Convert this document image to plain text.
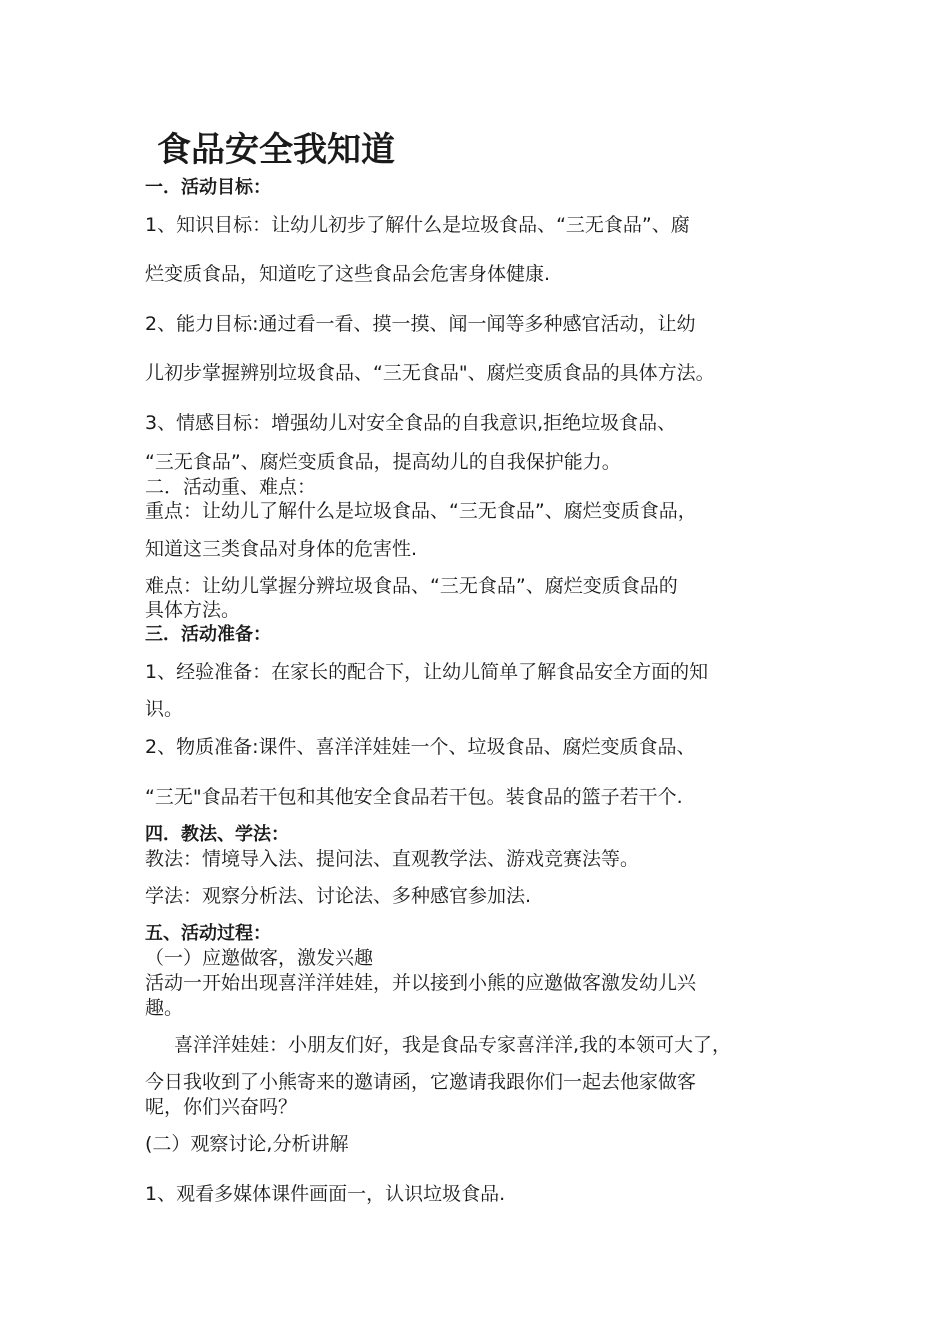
食品安全我知道
一．活动目标：
1、知识目标：让幼儿初步了解什么是垃圾食品、“三无食品”、腐
烂变质食品，知道吃了这些食品会危害身体健康.
2、能力目标:通过看一看、摸一摸、闻一闻等多种感官活动，让幼
儿初步掌握辨别垃圾食品、“三无食品"、腐烂变质食品的具体方法。
3、情感目标：增强幼儿对安全食品的自我意识,拒绝垃圾食品、
“三无食品”、腐烂变质食品，提高幼儿的自我保护能力。
二．活动重、难点：
重点：让幼儿了解什么是垃圾食品、“三无食品”、腐烂变质食品，
知道这三类食品对身体的危害性.
难点：让幼儿掌握分辨垃圾食品、“三无食品”、腐烂变质食品的
具体方法。
三．活动准备：
1、经验准备：在家长的配合下，让幼儿简单了解食品安全方面的知
识。
2、物质准备:课件、喜洋洋娃娃一个、垃圾食品、腐烂变质食品、
“三无"食品若干包和其他安全食品若干包。装食品的篮子若干个.
四．教法、学法：
教法：情境导入法、提问法、直观教学法、游戏竞赛法等。
学法：观察分析法、讨论法、多种感官参加法.
五、活动过程：
（一）应邀做客，激发兴趣
活动一开始出现喜洋洋娃娃，并以接到小熊的应邀做客激发幼儿兴
趣。
喜洋洋娃娃：小朋友们好，我是食品专家喜洋洋,我的本领可大了，
今日我收到了小熊寄来的邀请函，它邀请我跟你们一起去他家做客
呢，你们兴奋吗？
(二）观察讨论,分析讲解
1、观看多媒体课件画面一，认识垃圾食品.
